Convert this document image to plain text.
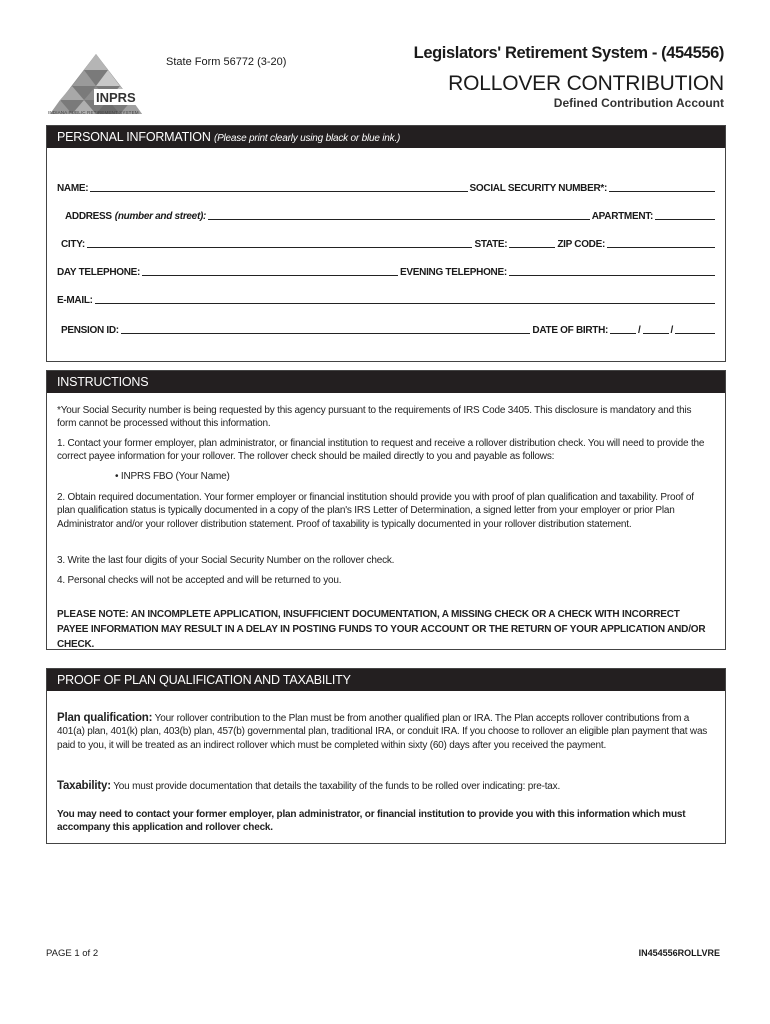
INPRS
INDIANA PUBLIC RETIREMENT SYSTEM
State Form 56772 (3-20)	Legislators' Retirement System - (454556)
ROLLOVER CONTRIBUTION
Defined Contribution Account
PERSONAL INFORMATION (Please print clearly using black or blue ink.)
NAME:	SOCIAL SECURITY NUMBER*:
ADDRESS (number and street):	APARTMENT:
CITY:	STATE:	ZIP CODE:
DAY TELEPHONE:	EVENING TELEPHONE:
E-MAIL:
PENSION ID:	DATE OF BIRTH:	/	/
INSTRUCTIONS
*Your Social Security number is being requested by this agency pursuant to the requirements of IRS Code 3405. This disclosure is mandatory and this form cannot be processed without this information.
1. Contact your former employer, plan administrator, or financial institution to request and receive a rollover distribution check. You will need to provide the correct payee information for your rollover. The rollover check should be mailed directly to you and payable as follows:
• INPRS FBO (Your Name)
2. Obtain required documentation. Your former employer or financial institution should provide you with proof of plan qualification and taxability. Proof of plan qualification status is typically documented in a copy of the plan's IRS Letter of Determination, a signed letter from your employer or prior Plan Administrator and/or your rollover distribution statement. Proof of taxability is typically documented in your rollover distribution statement.
3. Write the last four digits of your Social Security Number on the rollover check.
4. Personal checks will not be accepted and will be returned to you.
PLEASE NOTE: AN INCOMPLETE APPLICATION, INSUFFICIENT DOCUMENTATION, A MISSING CHECK OR A CHECK WITH INCORRECT PAYEE INFORMATION MAY RESULT IN A DELAY IN POSTING FUNDS TO YOUR ACCOUNT OR THE RETURN OF YOUR APPLICATION AND/OR CHECK.
PROOF OF PLAN QUALIFICATION AND TAXABILITY
Plan qualification: Your rollover contribution to the Plan must be from another qualified plan or IRA. The Plan accepts rollover contributions from a 401(a) plan, 401(k) plan, 403(b) plan, 457(b) governmental plan, traditional IRA, or conduit IRA. If you choose to rollover an eligible plan payment that was paid to you, it will be treated as an indirect rollover which must be completed within sixty (60) days after you received the payment.
Taxability: You must provide documentation that details the taxability of the funds to be rolled over indicating: pre-tax.
You may need to contact your former employer, plan administrator, or financial institution to provide you with this information which must accompany this application and rollover check.
PAGE 1 of 2	IN454556ROLLVRE
